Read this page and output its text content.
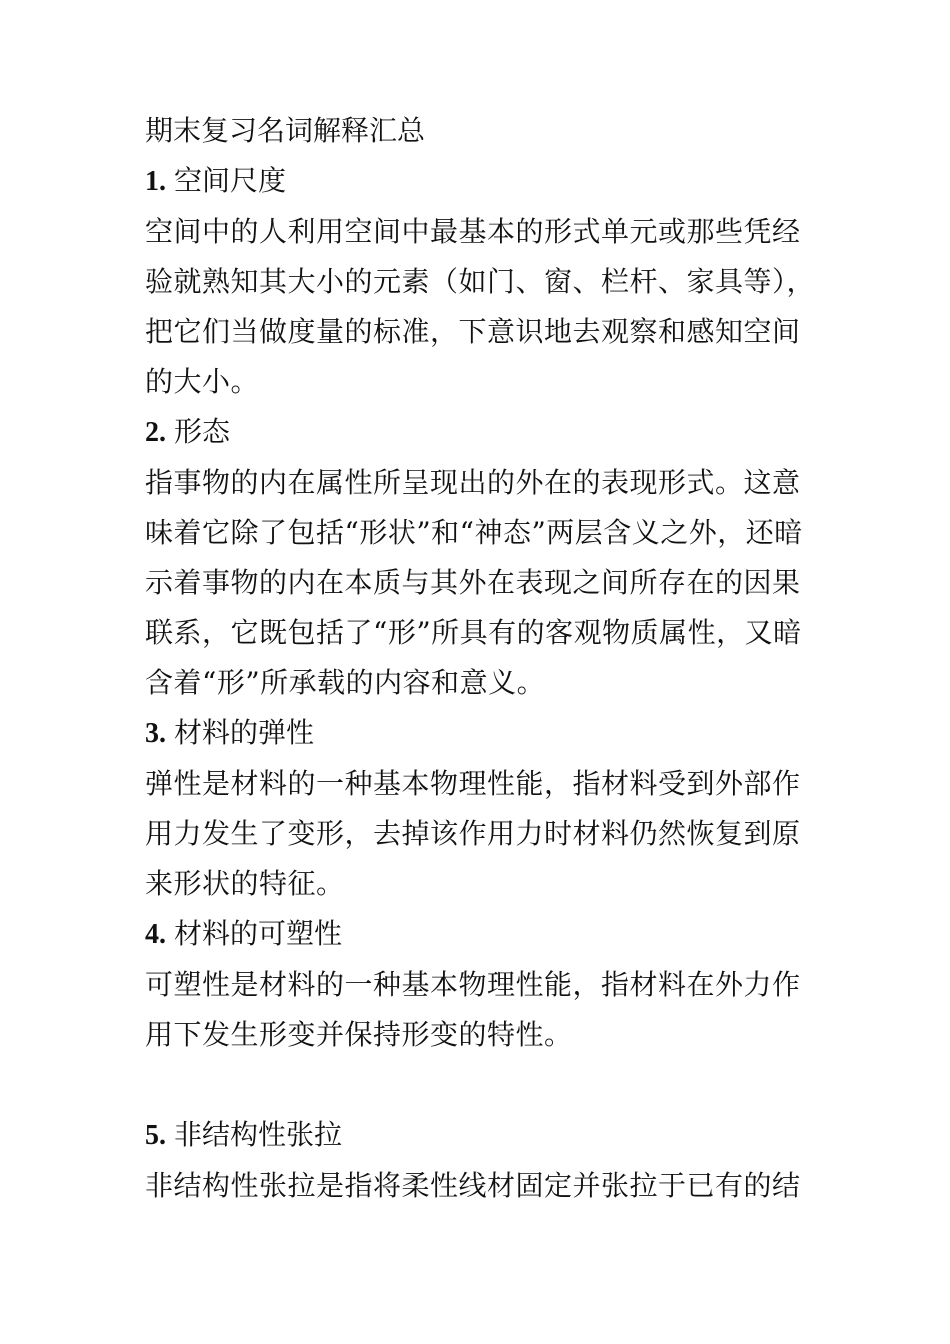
期末复习名词解释汇总
1. 空间尺度
空间中的人利用空间中最基本的形式单元或那些凭经
验就熟知其大小的元素（如门、窗、栏杆、家具等），
把它们当做度量的标准，下意识地去观察和感知空间
的大小。
2. 形态
指事物的内在属性所呈现出的外在的表现形式。这意
味着它除了包括“形状”和“神态”两层含义之外，还暗
示着事物的内在本质与其外在表现之间所存在的因果
联系，它既包括了“形”所具有的客观物质属性，又暗
含着“形”所承载的内容和意义。
3. 材料的弹性
弹性是材料的一种基本物理性能，指材料受到外部作
用力发生了变形，去掉该作用力时材料仍然恢复到原
来形状的特征。
4. 材料的可塑性
可塑性是材料的一种基本物理性能，指材料在外力作
用下发生形变并保持形变的特性。
5. 非结构性张拉
非结构性张拉是指将柔性线材固定并张拉于已有的结
